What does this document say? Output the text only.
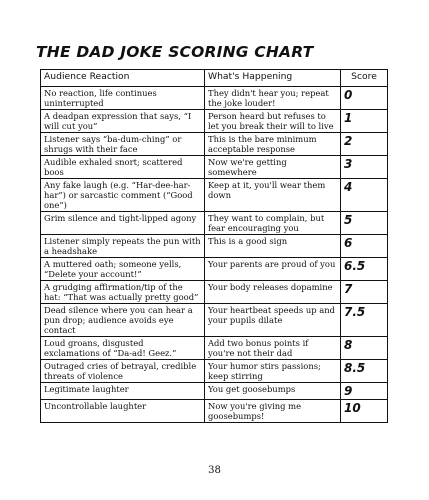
THE DAD JOKE SCORING CHART
Audience Reaction	What's Happening	Score
No reaction, life continues uninterrupted	They didn't hear you; repeat the joke louder!	0
A deadpan expression that says, “I will cut you”	Person heard but refuses to let you break their will to live	1
Listener says “ba-dum-ching” or shrugs with their face	This is the bare minimum acceptable response	2
Audible exhaled snort; scattered boos	Now we're getting somewhere	3
Any fake laugh (e.g. “Har-dee-har-har”) or sarcastic comment (“Good one”)	Keep at it, you'll wear them down	4
Grim silence and tight-lipped agony	They want to complain, but fear encouraging you	5
Listener simply repeats the pun with a headshake	This is a good sign	6
A muttered oath; someone yells, “Delete your account!”	Your parents are proud of you	6.5
A grudging affirmation/tip of the hat: “That was actually pretty good”	Your body releases dopamine	7
Dead silence where you can hear a pun drop; audience avoids eye contact	Your heartbeat speeds up and your pupils dilate	7.5
Loud groans, disgusted exclamations of “Da-ad! Geez.”	Add two bonus points if you're not their dad	8
Outraged cries of betrayal, credible threats of violence	Your humor stirs passions; keep stirring	8.5
Legitimate laughter	You get goosebumps	9
Uncontrollable laughter	Now you're giving me goosebumps!	10
38
